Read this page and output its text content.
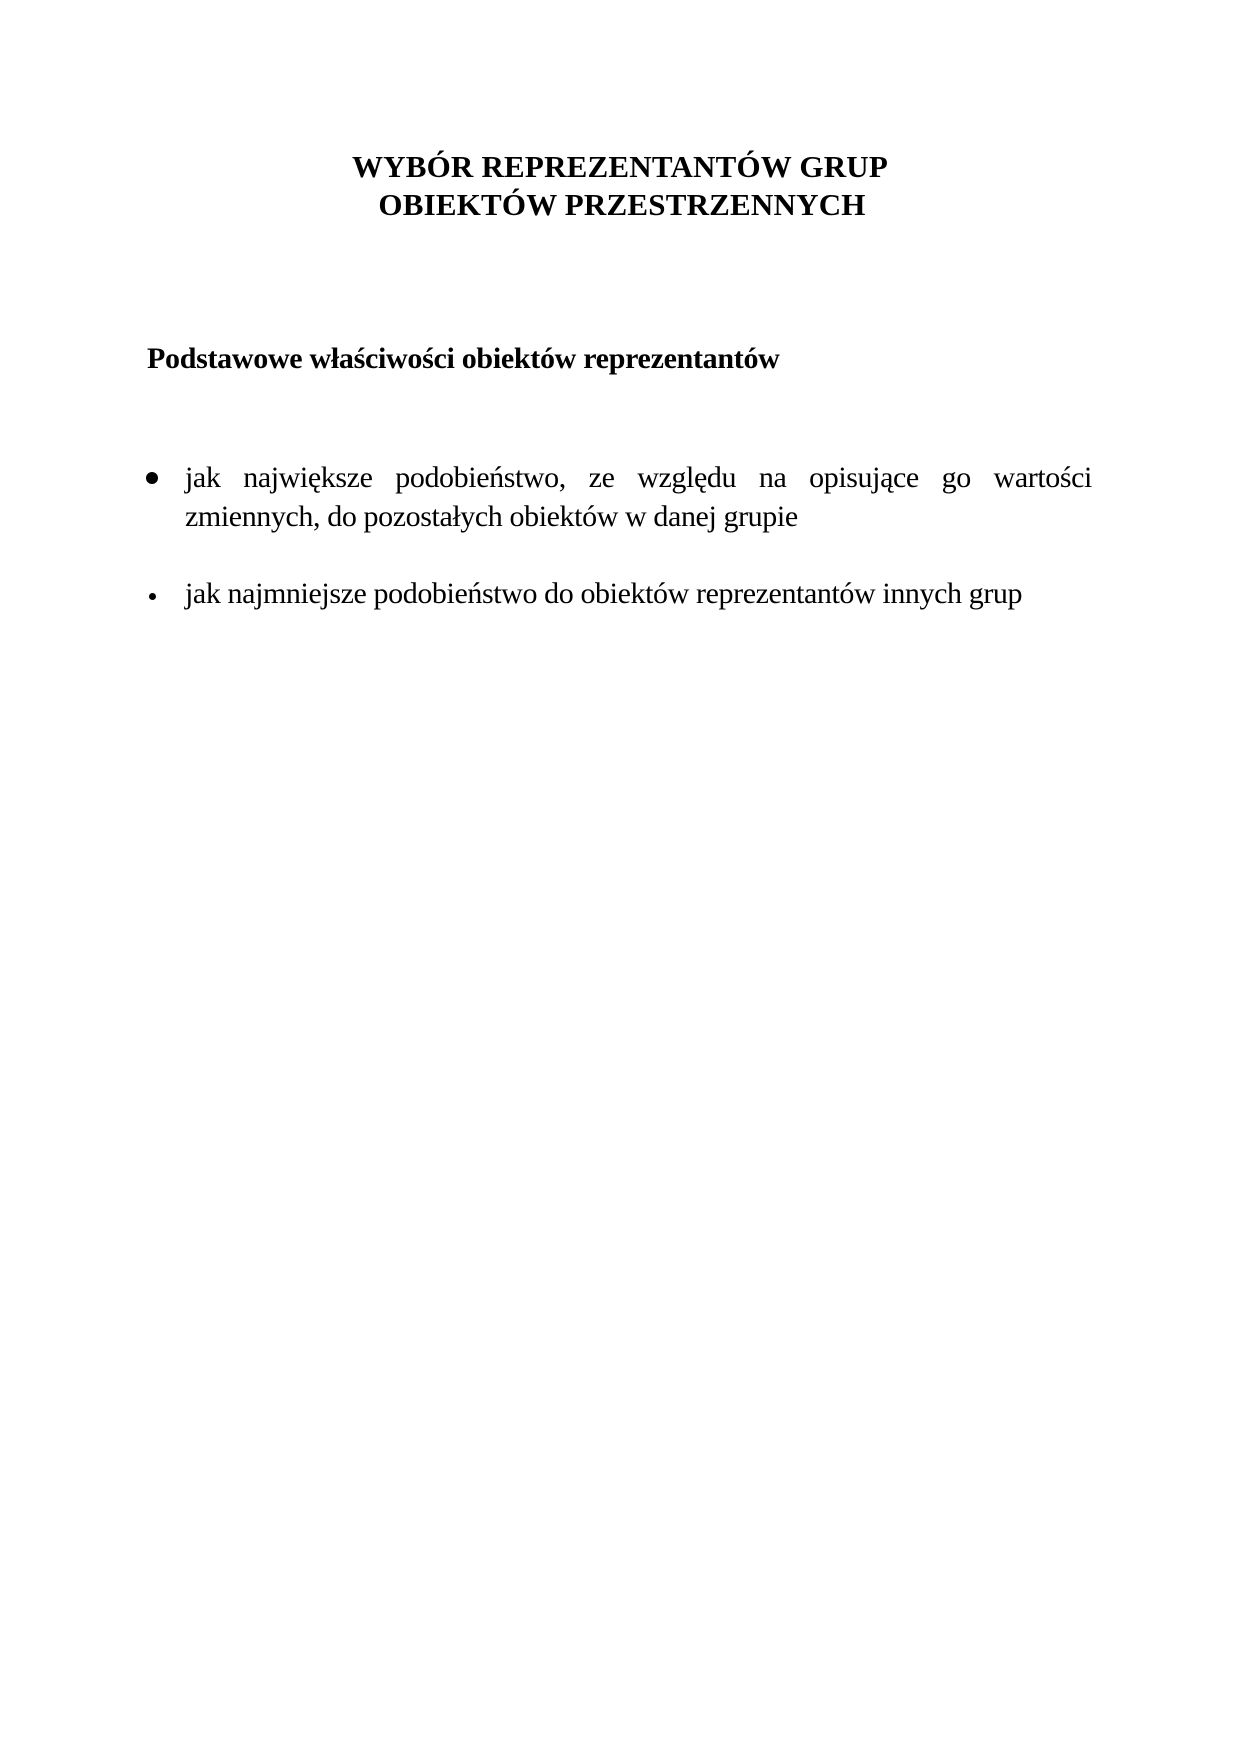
WYBÓR REPREZENTANTÓW GRUP
OBIEKTÓW PRZESTRZENNYCH
Podstawowe właściwości obiektów reprezentantów
jak największe podobieństwo, ze względu na opisujące go wartości zmiennych, do pozostałych obiektów w danej grupie
jak najmniejsze podobieństwo do obiektów reprezentantów innych grup
